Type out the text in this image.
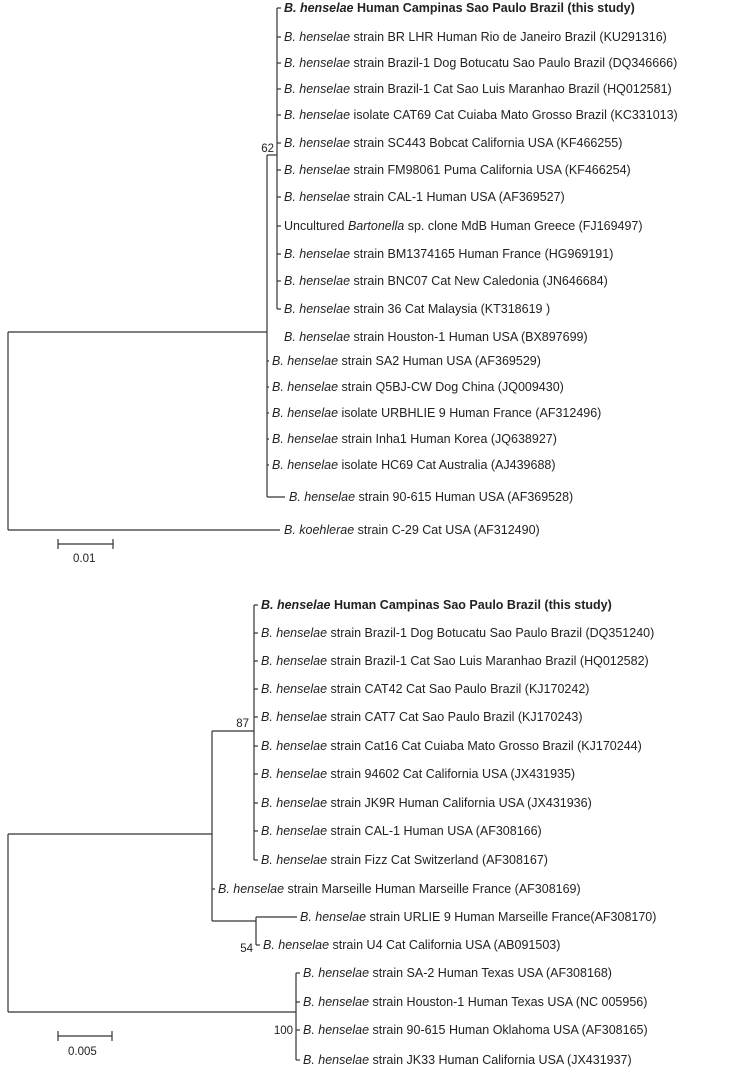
62
0.01
B. henselae Human Campinas Sao Paulo Brazil (this study)
B. henselae strain BR LHR Human Rio de Janeiro Brazil (KU291316)
B. henselae strain Brazil-1 Dog Botucatu Sao Paulo Brazil (DQ346666)
B. henselae strain Brazil-1 Cat Sao Luis Maranhao Brazil (HQ012581)
B. henselae isolate CAT69 Cat Cuiaba Mato Grosso Brazil (KC331013)
B. henselae strain SC443 Bobcat California USA (KF466255)
B. henselae strain FM98061 Puma California USA (KF466254)
B. henselae strain CAL-1 Human USA (AF369527)
Uncultured Bartonella sp. clone MdB Human Greece (FJ169497)
B. henselae strain BM1374165 Human France (HG969191)
B. henselae strain BNC07 Cat New Caledonia (JN646684)
B. henselae strain 36 Cat Malaysia (KT318619 )
B. henselae strain Houston-1 Human USA (BX897699)
B. henselae strain SA2 Human USA (AF369529)
B. henselae strain Q5BJ-CW Dog China (JQ009430)
B. henselae isolate URBHLIE 9 Human France (AF312496)
B. henselae strain Inha1 Human Korea (JQ638927)
B. henselae isolate HC69 Cat Australia (AJ439688)
B. henselae strain 90-615 Human USA (AF369528)
B. koehlerae strain C-29 Cat USA (AF312490)
87
54
100
0.005
B. henselae Human Campinas Sao Paulo Brazil (this study)
B. henselae strain Brazil-1 Dog Botucatu Sao Paulo Brazil (DQ351240)
B. henselae strain Brazil-1 Cat Sao Luis Maranhao Brazil (HQ012582)
B. henselae strain CAT42 Cat Sao Paulo Brazil (KJ170242)
B. henselae strain CAT7 Cat Sao Paulo Brazil (KJ170243)
B. henselae strain Cat16 Cat Cuiaba Mato Grosso Brazil (KJ170244)
B. henselae strain 94602 Cat California USA (JX431935)
B. henselae strain JK9R Human California USA (JX431936)
B. henselae strain CAL-1 Human USA (AF308166)
B. henselae strain Fizz Cat Switzerland (AF308167)
B. henselae strain Marseille Human Marseille France (AF308169)
B. henselae strain URLIE 9 Human Marseille France(AF308170)
B. henselae strain U4 Cat California USA (AB091503)
B. henselae strain SA-2 Human Texas USA (AF308168)
B. henselae strain Houston-1 Human Texas USA (NC 005956)
B. henselae strain 90-615 Human Oklahoma USA (AF308165)
B. henselae strain JK33 Human California USA (JX431937)
